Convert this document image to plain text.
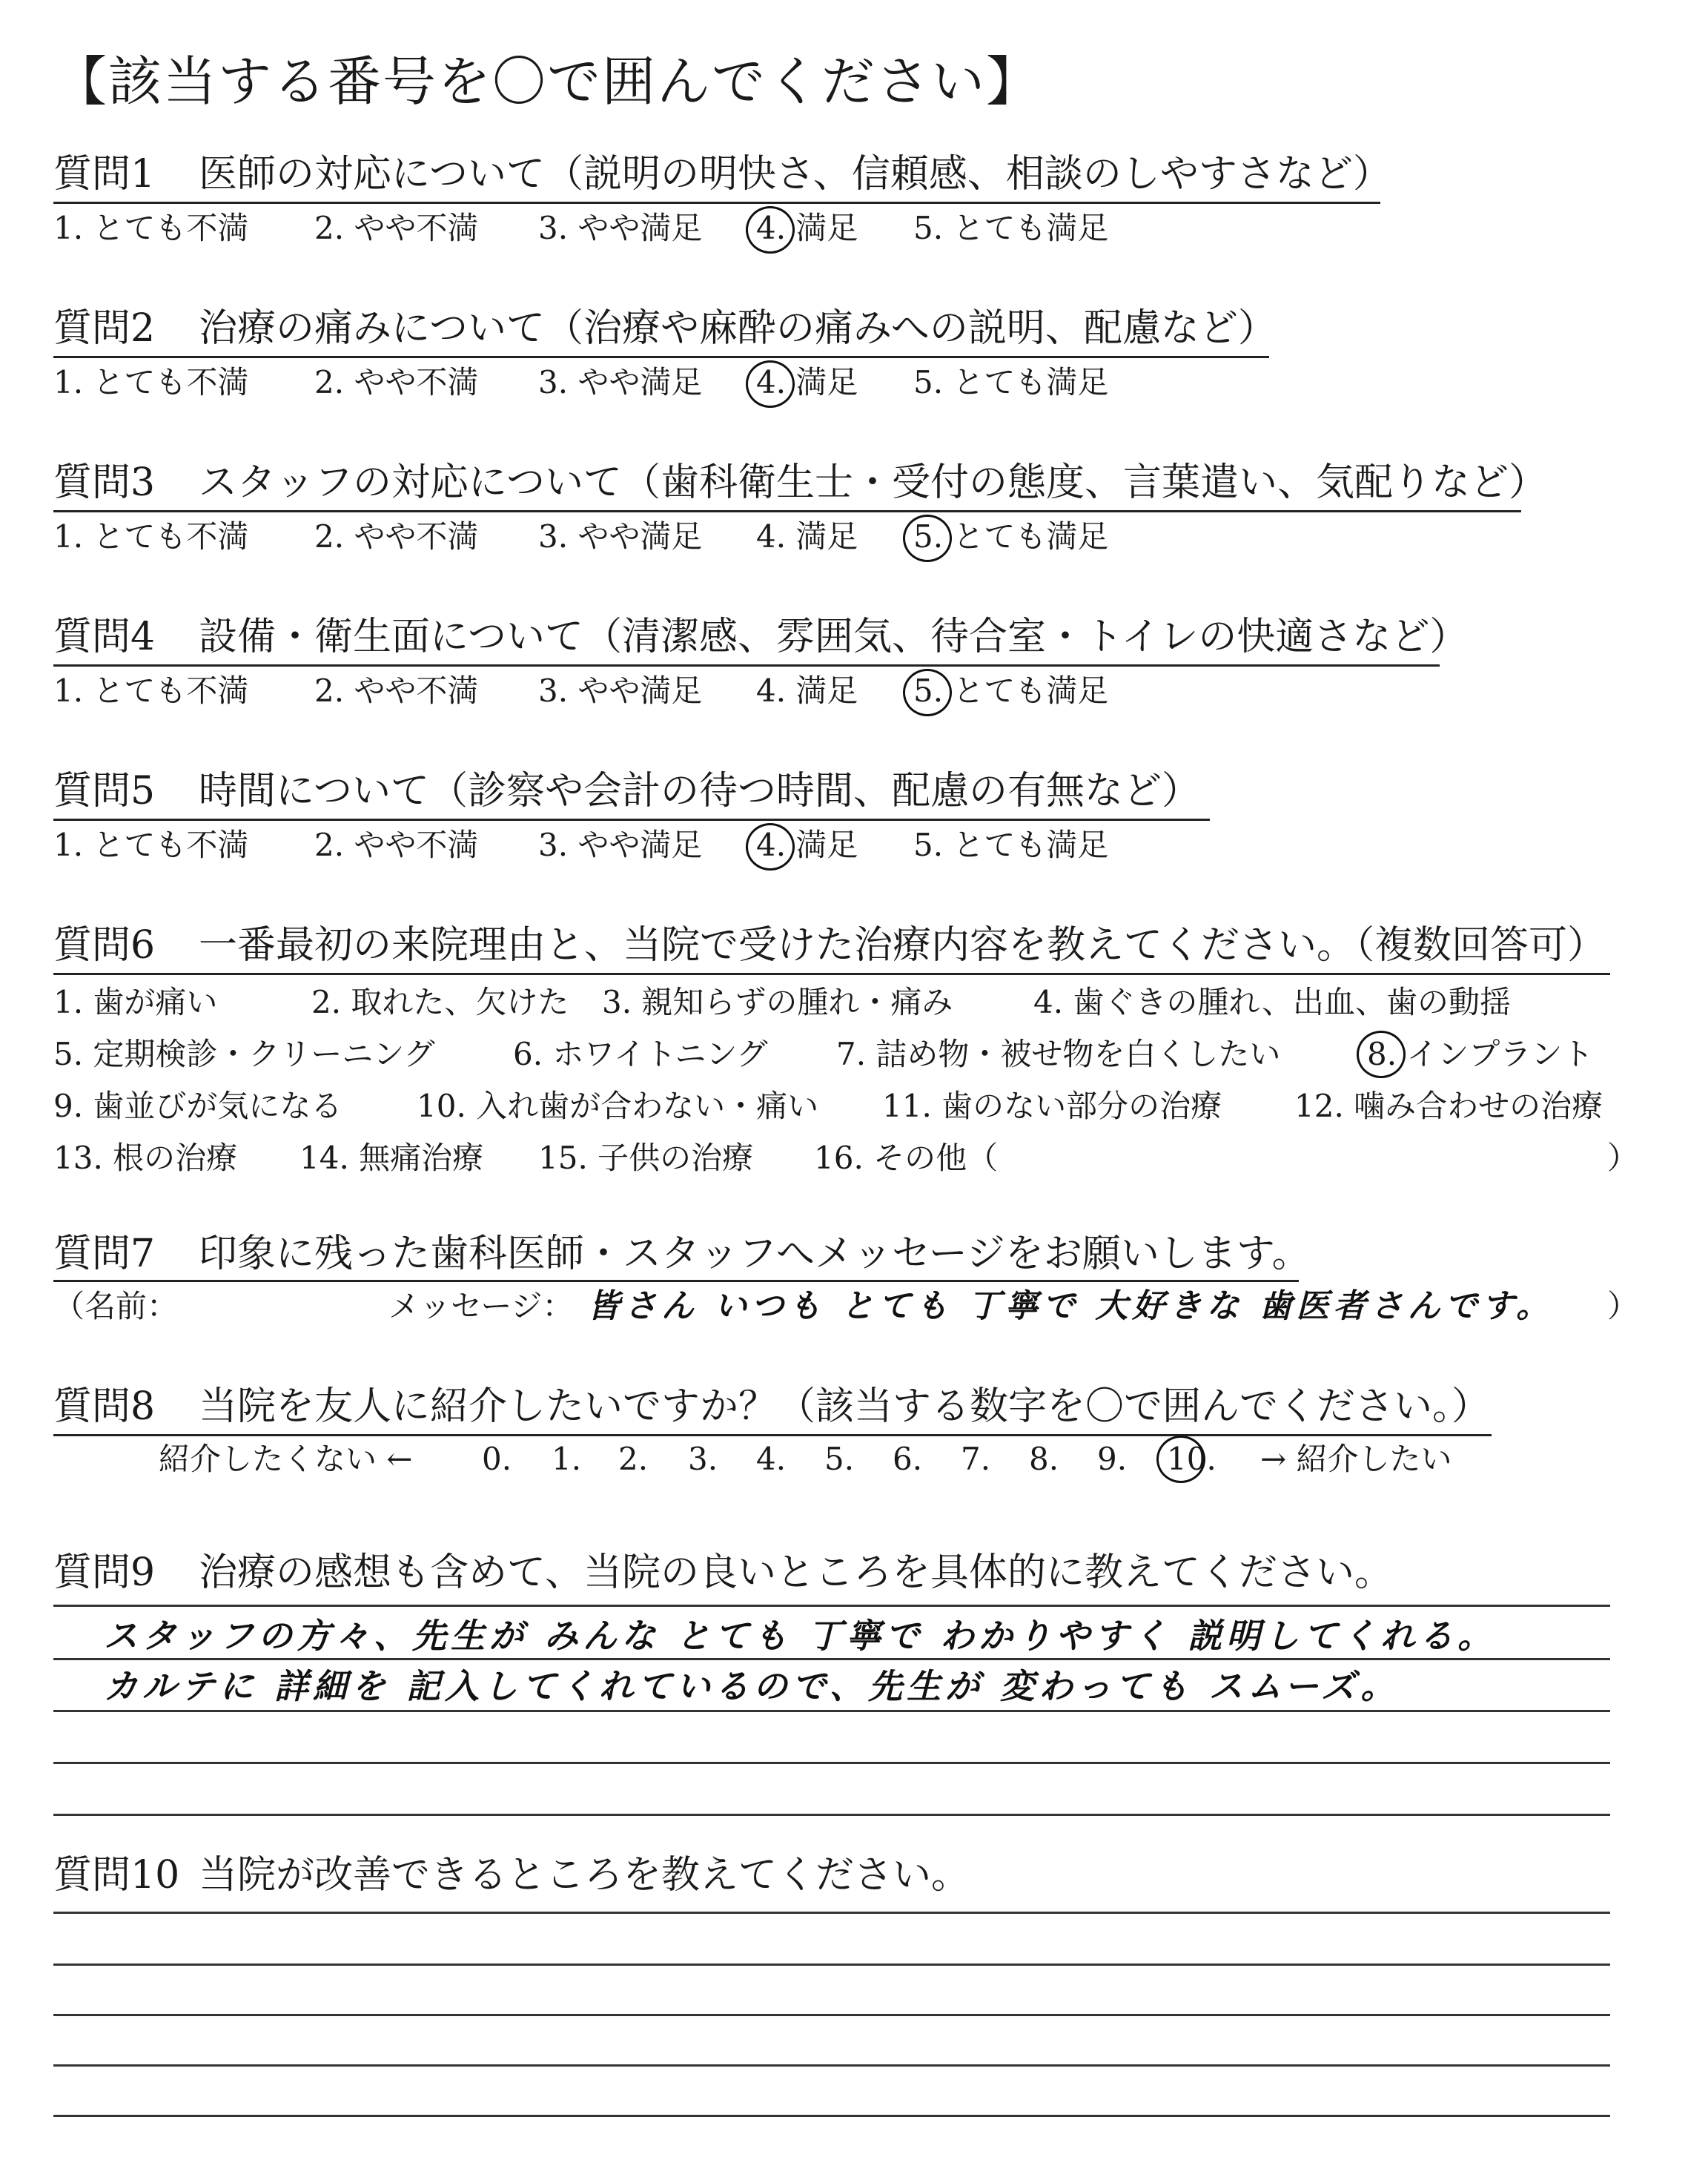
【該当する番号を〇で囲んでください】
質問1 医師の対応について（説明の明快さ、信頼感、相談のしやすさなど）
1. とても不満 2. やや不満 3. やや満足 4. 満足 5. とても満足
質問2 治療の痛みについて（治療や麻酔の痛みへの説明、配慮など）
1. とても不満 2. やや不満 3. やや満足 4. 満足 5. とても満足
質問3 スタッフの対応について（歯科衛生士・受付の態度、言葉遣い、気配りなど）
1. とても不満 2. やや不満 3. やや満足 4. 満足 5. とても満足
質問4 設備・衛生面について（清潔感、雰囲気、待合室・トイレの快適さなど）
1. とても不満 2. やや不満 3. やや満足 4. 満足 5. とても満足
質問5 時間について（診察や会計の待つ時間、配慮の有無など）
1. とても不満 2. やや不満 3. やや満足 4. 満足 5. とても満足
質問6 一番最初の来院理由と、当院で受けた治療内容を教えてください。（複数回答可）
1. 歯が痛い	2. 取れた、欠けた 3. 親知らずの腫れ・痛み	4. 歯ぐきの腫れ、出血、歯の動揺
5. 定期検診・クリーニング	6. ホワイトニング 7. 詰め物・被せ物を白くしたい	8. インプラント
9. 歯並びが気になる 10. 入れ歯が合わない・痛い 11. 歯のない部分の治療 12. 噛み合わせの治療
13. 根の治療 14. 無痛治療 15. 子供の治療 16. その他（	）
質問7 印象に残った歯科医師・スタッフへメッセージをお願いします。
（名前：	メッセージ： 皆さん いつも とても 丁寧で 大好きな 歯医者さんです。 ）
質問8 当院を友人に紹介したいですか？（該当する数字を〇で囲んでください。）
紹介したくない ← 0. 1. 2. 3. 4. 5. 6. 7. 8. 9. 10. → 紹介したい
質問9 治療の感想も含めて、当院の良いところを具体的に教えてください。
スタッフの方々、先生が みんな とても 丁寧で わかりやすく 説明してくれる。
カルテに 詳細を 記入してくれているので、先生が 変わっても スムーズ。
質問10 当院が改善できるところを教えてください。
